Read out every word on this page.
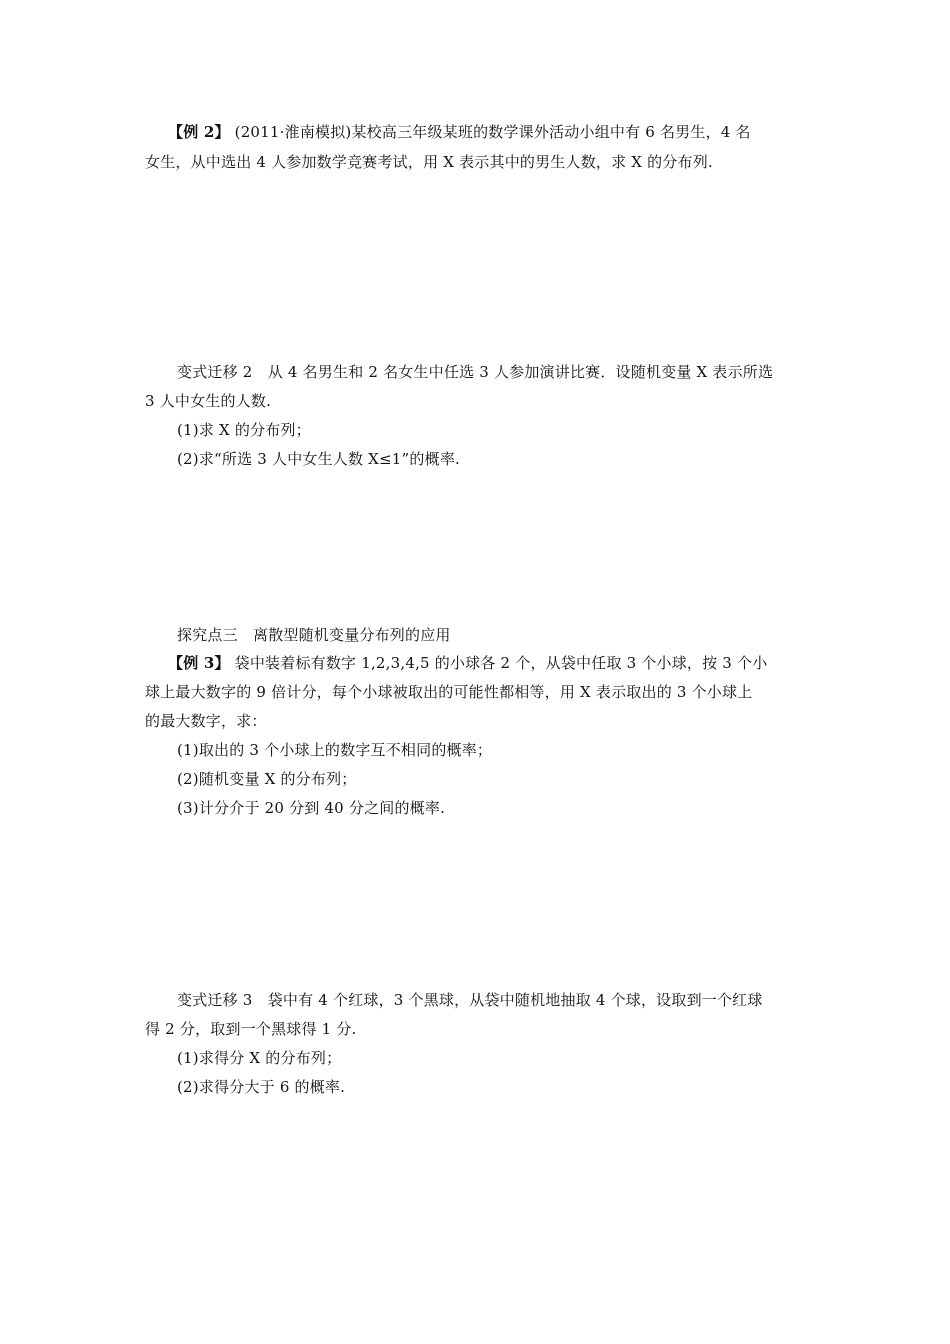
【例 2】 (2011·淮南模拟)某校高三年级某班的数学课外活动小组中有 6 名男生，4 名
女生，从中选出 4 人参加数学竞赛考试，用 X 表示其中的男生人数，求 X 的分布列.
变式迁移 2　从 4 名男生和 2 名女生中任选 3 人参加演讲比赛．设随机变量 X 表示所选
3 人中女生的人数.
(1)求 X 的分布列；
(2)求“所选 3 人中女生人数 X≤1”的概率.
探究点三　离散型随机变量分布列的应用
【例 3】 袋中装着标有数字 1,2,3,4,5 的小球各 2 个，从袋中任取 3 个小球，按 3 个小
球上最大数字的 9 倍计分，每个小球被取出的可能性都相等，用 X 表示取出的 3 个小球上
的最大数字，求：
(1)取出的 3 个小球上的数字互不相同的概率；
(2)随机变量 X 的分布列；
(3)计分介于 20 分到 40 分之间的概率.
变式迁移 3　袋中有 4 个红球，3 个黑球，从袋中随机地抽取 4 个球，设取到一个红球
得 2 分，取到一个黑球得 1 分.
(1)求得分 X 的分布列；
(2)求得分大于 6 的概率.
